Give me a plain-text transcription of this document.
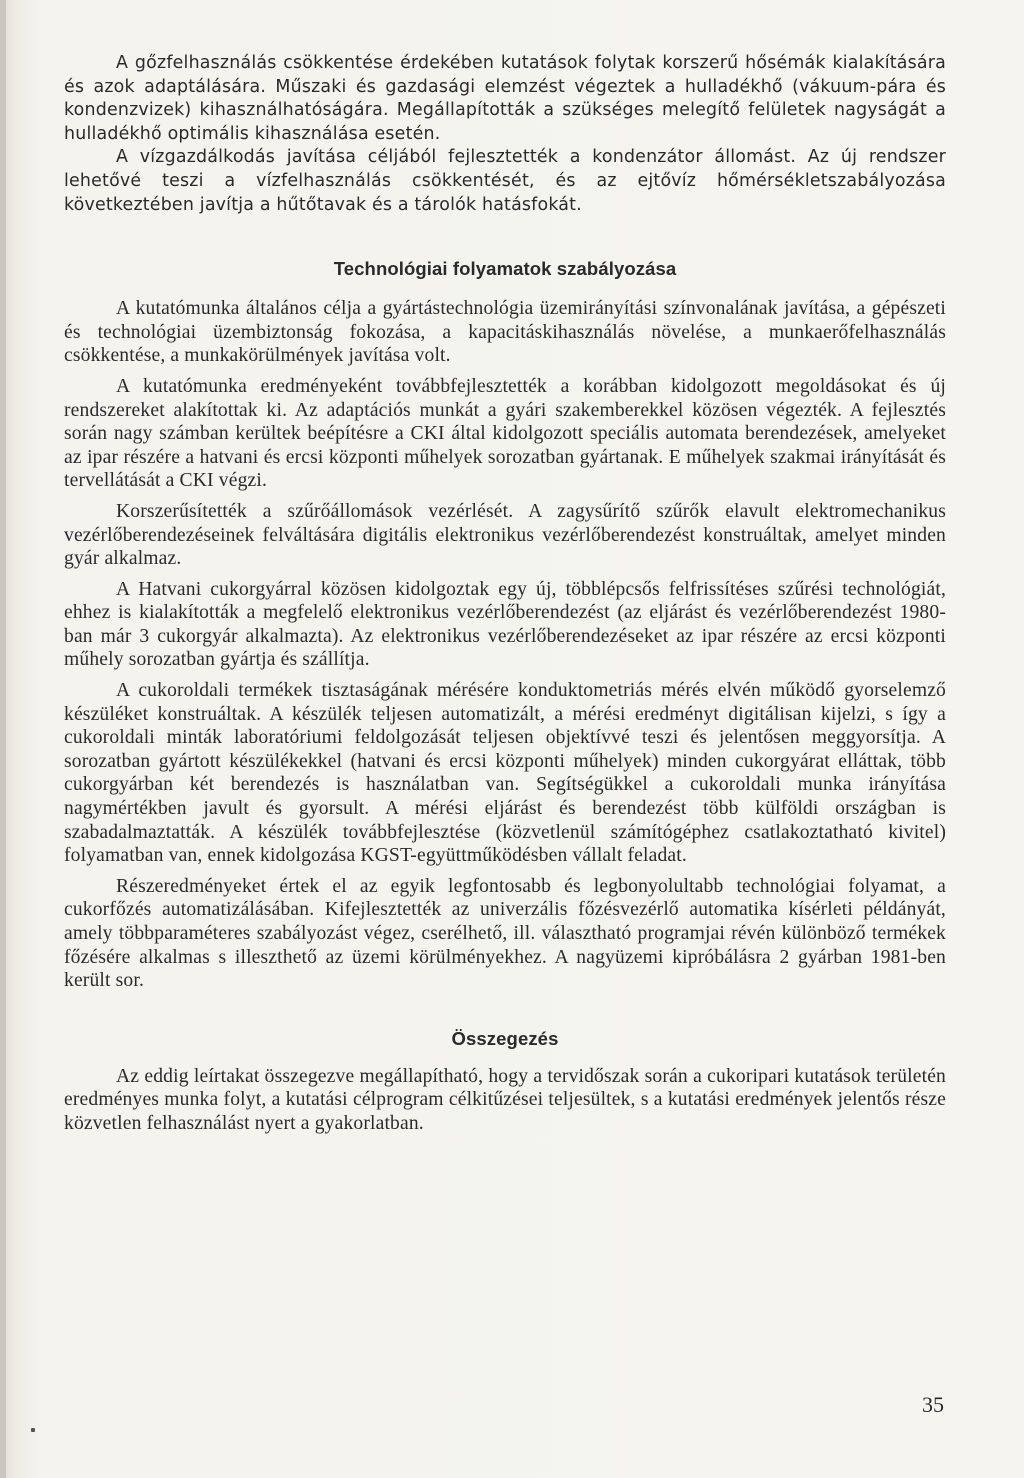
A gőzfelhasználás csökkentése érdekében kutatások folytak korszerű hősémák kialakítására és azok adaptálására. Műszaki és gazdasági elemzést végeztek a hulladékhő (vákuum-pára és kondenzvizek) kihasználhatóságára. Megállapították a szükséges melegítő felületek nagyságát a hulladékhő optimális kihasználása esetén.

A vízgazdálkodás javítása céljából fejlesztették a kondenzátor állomást. Az új rendszer lehetővé teszi a vízfelhasználás csökkentését, és az ejtővíz hőmérsékletszabályozása következtében javítja a hűtőtavak és a tárolók hatásfokát.

Technológiai folyamatok szabályozása

A kutatómunka általános célja a gyártástechnológia üzemirányítási színvonalának javítása, a gépészeti és technológiai üzembiztonság fokozása, a kapacitáskihasználás növelése, a munkaerőfelhasználás csökkentése, a munkakörülmények javítása volt.

A kutatómunka eredményeként továbbfejlesztették a korábban kidolgozott megoldásokat és új rendszereket alakítottak ki. Az adaptációs munkát a gyári szakemberekkel közösen végezték. A fejlesztés során nagy számban kerültek beépítésre a CKI által kidolgozott speciális automata berendezések, amelyeket az ipar részére a hatvani és ercsi központi műhelyek sorozatban gyártanak. E műhelyek szakmai irányítását és tervellátását a CKI végzi.

Korszerűsítették a szűrőállomások vezérlését. A zagysűrítő szűrők elavult elektromechanikus vezérlőberendezéseinek felváltására digitális elektronikus vezérlőberendezést konstruáltak, amelyet minden gyár alkalmaz.

A Hatvani cukorgyárral közösen kidolgoztak egy új, többlépcsős felfrissítéses szűrési technológiát, ehhez is kialakították a megfelelő elektronikus vezérlőberendezést (az eljárást és vezérlőberendezést 1980-ban már 3 cukorgyár alkalmazta). Az elektronikus vezérlőberendezéseket az ipar részére az ercsi központi műhely sorozatban gyártja és szállítja.

A cukoroldali termékek tisztaságának mérésére konduktometriás mérés elvén működő gyorselemző készüléket konstruáltak. A készülék teljesen automatizált, a mérési eredményt digitálisan kijelzi, s így a cukoroldali minták laboratóriumi feldolgozását teljesen objektívvé teszi és jelentősen meggyorsítja. A sorozatban gyártott készülékekkel (hatvani és ercsi központi műhelyek) minden cukorgyárat elláttak, több cukorgyárban két berendezés is használatban van. Segítségükkel a cukoroldali munka irányítása nagymértékben javult és gyorsult. A mérési eljárást és berendezést több külföldi országban is szabadalmaztatták. A készülék továbbfejlesztése (közvetlenül számítógéphez csatlakoztatható kivitel) folyamatban van, ennek kidolgozása KGST-együttműködésben vállalt feladat.

Részeredményeket értek el az egyik legfontosabb és legbonyolultabb technológiai folyamat, a cukorfőzés automatizálásában. Kifejlesztették az univerzális főzésvezérlő automatika kísérleti példányát, amely többparaméteres szabályozást végez, cserélhető, ill. választható programjai révén különböző termékek főzésére alkalmas s illeszthető az üzemi körülményekhez. A nagyüzemi kipróbálásra 2 gyárban 1981-ben került sor.

Összegezés

Az eddig leírtakat összegezve megállapítható, hogy a tervidőszak során a cukoripari kutatások területén eredményes munka folyt, a kutatási célprogram célkitűzései teljesültek, s a kutatási eredmények jelentős része közvetlen felhasználást nyert a gyakorlatban.

35
